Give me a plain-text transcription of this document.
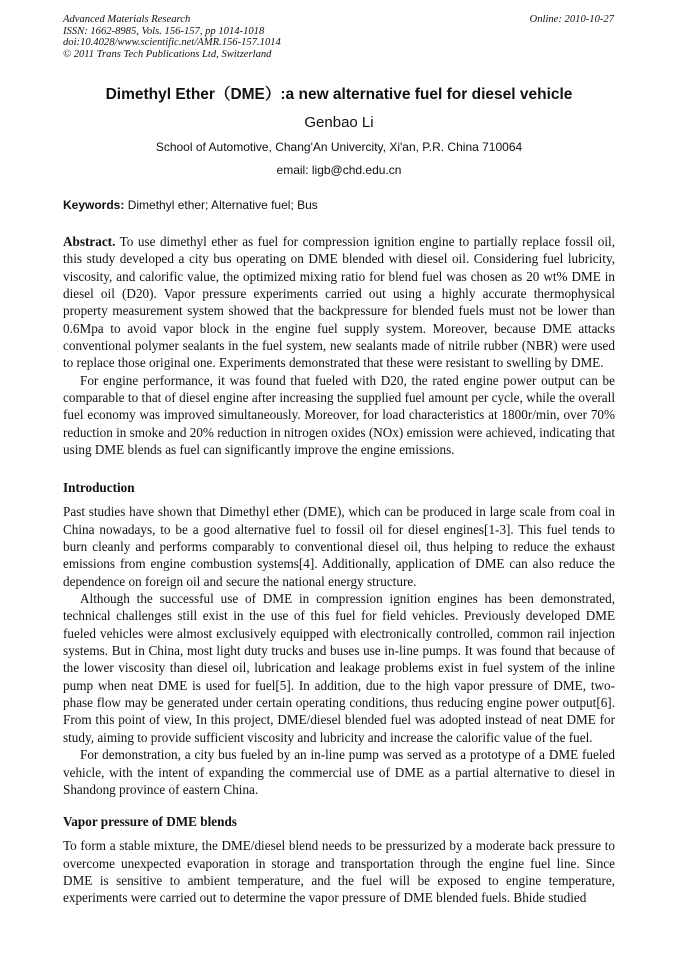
Advanced Materials Research
ISSN: 1662-8985, Vols. 156-157, pp 1014-1018
doi:10.4028/www.scientific.net/AMR.156-157.1014
© 2011 Trans Tech Publications Ltd, Switzerland
Online: 2010-10-27
Dimethyl Ether（DME）:a new alternative fuel for diesel vehicle
Genbao Li
School of Automotive, Chang'An Univercity, Xi'an, P.R. China 710064
email: ligb@chd.edu.cn
Keywords: Dimethyl ether; Alternative fuel; Bus

Abstract. To use dimethyl ether as fuel for compression ignition engine to partially replace fossil oil, this study developed a city bus operating on DME blended with diesel oil. Considering fuel lubricity, viscosity, and calorific value, the optimized mixing ratio for blend fuel was chosen as 20 wt% DME in diesel oil (D20). Vapor pressure experiments carried out using a highly accurate thermophysical property measurement system showed that the backpressure for blended fuels must not be lower than 0.6Mpa to avoid vapor block in the engine fuel supply system. Moreover, because DME attacks conventional polymer sealants in the fuel system, new sealants made of nitrile rubber (NBR) were used to replace those original one. Experiments demonstrated that these were resistant to swelling by DME.

For engine performance, it was found that fueled with D20, the rated engine power output can be comparable to that of diesel engine after increasing the supplied fuel amount per cycle, while the overall fuel economy was improved simultaneously. Moreover, for load characteristics at 1800r/min, over 70% reduction in smoke and 20% reduction in nitrogen oxides (NOx) emission were achieved, indicating that using DME blends as fuel can significantly improve the engine emissions.

Introduction

Past studies have shown that Dimethyl ether (DME), which can be produced in large scale from coal in China nowadays, to be a good alternative fuel to fossil oil for diesel engines[1-3]. This fuel tends to burn cleanly and performs comparably to conventional diesel oil, thus helping to reduce the exhaust emissions from engine combustion systems[4]. Additionally, application of DME can also reduce the dependence on foreign oil and secure the national energy structure.

Although the successful use of DME in compression ignition engines has been demonstrated, technical challenges still exist in the use of this fuel for field vehicles. Previously developed DME fueled vehicles were almost exclusively equipped with electronically controlled, common rail injection systems. But in China, most light duty trucks and buses use in-line pumps. It was found that because of the lower viscosity than diesel oil, lubrication and leakage problems exist in fuel system of the inline pump when neat DME is used for fuel[5]. In addition, due to the high vapor pressure of DME, two-phase flow may be generated under certain operating conditions, thus reducing engine power output[6]. From this point of view, In this project, DME/diesel blended fuel was adopted instead of neat DME for study, aiming to provide sufficient viscosity and lubricity and increase the calorific value of the fuel.

For demonstration, a city bus fueled by an in-line pump was served as a prototype of a DME fueled vehicle, with the intent of expanding the commercial use of DME as a partial alternative to diesel in Shandong province of eastern China.

Vapor pressure of DME blends

To form a stable mixture, the DME/diesel blend needs to be pressurized by a moderate back pressure to overcome unexpected evaporation in storage and transportation through the engine fuel line. Since DME is sensitive to ambient temperature, and the fuel will be exposed to engine temperature, experiments were carried out to determine the vapor pressure of DME blended fuels. Bhide studied
